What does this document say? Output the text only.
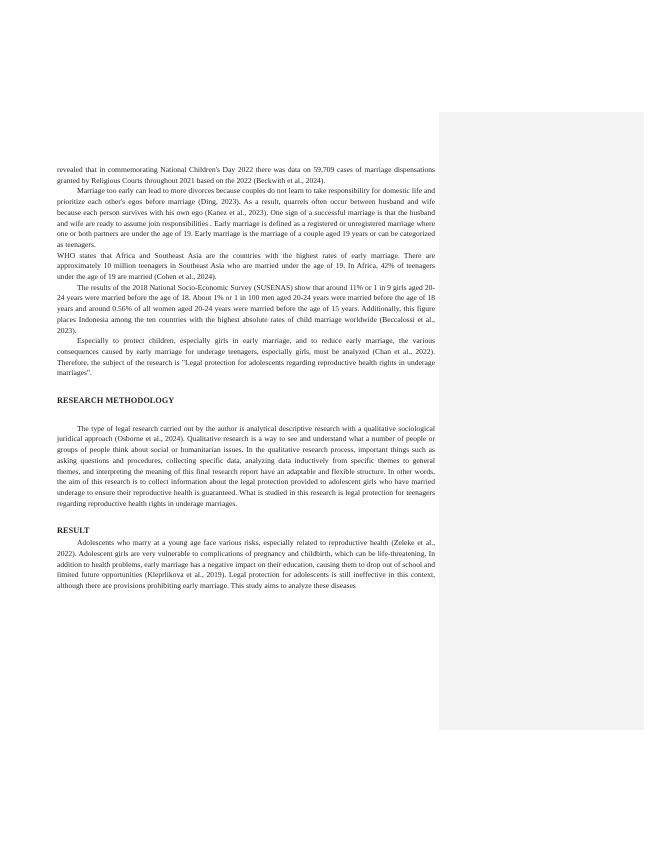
revealed that in commemorating National Children's Day 2022 there was data on 59,709 cases of marriage dispensations granted by Religious Courts throughout 2021 based on the 2022 (Beckwith et al., 2024).

Marriage too early can lead to more divorces because couples do not learn to take responsibility for domestic life and prioritize each other's egos before marriage (Ding, 2023). As a result, quarrels often occur between husband and wife because each person survives with his own ego (Kanez et al., 2023). One sign of a successful marriage is that the husband and wife are ready to assume join responsibilities . Early marriage is defined as a registered or unregistered marriage where one or both partners are under the age of 19. Early marriage is the marriage of a couple aged 19 years or can be categorized as teenagers.

WHO states that Africa and Southeast Asia are the countries with the highest rates of early marriage. There are approximately 10 million teenagers in Southeast Asia who are married under the age of 19. In Africa, 42% of teenagers under the age of 19 are married (Cohen et al., 2024).

The results of the 2018 National Socio-Economic Survey (SUSENAS) show that around 11% or 1 in 9 girls aged 20-24 years were married before the age of 18. About 1% or 1 in 100 men aged 20-24 years were married before the age of 18 years and around 0.56% of all women aged 20-24 years were married before the age of 15 years. Additionally, this figure places Indonesia among the ten countries with the highest absolute rates of child marriage worldwide (Beccalossi et al., 2023).

Especially to protect children, especially girls in early marriage, and to reduce early marriage, the various consequences caused by early marriage for underage teenagers, especially girls, must be analyzed (Chan et al., 2022). Therefore, the subject of the research is "Legal protection for adolescents regarding reproductive health rights in underage marriages".

RESEARCH METHODOLOGY

The type of legal research carried out by the author is analytical descriptive research with a qualitative sociological juridical approach (Osborne et al., 2024). Qualitative research is a way to see and understand what a number of people or groups of people think about social or humanitarian issues. In the qualitative research process, important things such as asking questions and procedures, collecting specific data, analyzing data inductively from specific themes to general themes, and interpreting the meaning of this final research report have an adaptable and flexible structure. In other words, the aim of this research is to collect information about the legal protection provided to adolescent girls who have married underage to ensure their reproductive health is guaranteed. What is studied in this research is legal protection for teenagers regarding reproductive health rights in underage marriages.

RESULT

Adolescents who marry at a young age face various risks, especially related to reproductive health (Zeleke et al., 2022). Adolescent girls are very vulnerable to complications of pregnancy and childbirth, which can be life-threatening. In addition to health problems, early marriage has a negative impact on their education, causing them to drop out of school and limited future opportunities (Kleprlikova et al., 2019). Legal protection for adolescents is still ineffective in this context, although there are provisions prohibiting early marriage. This study aims to analyze these diseases
